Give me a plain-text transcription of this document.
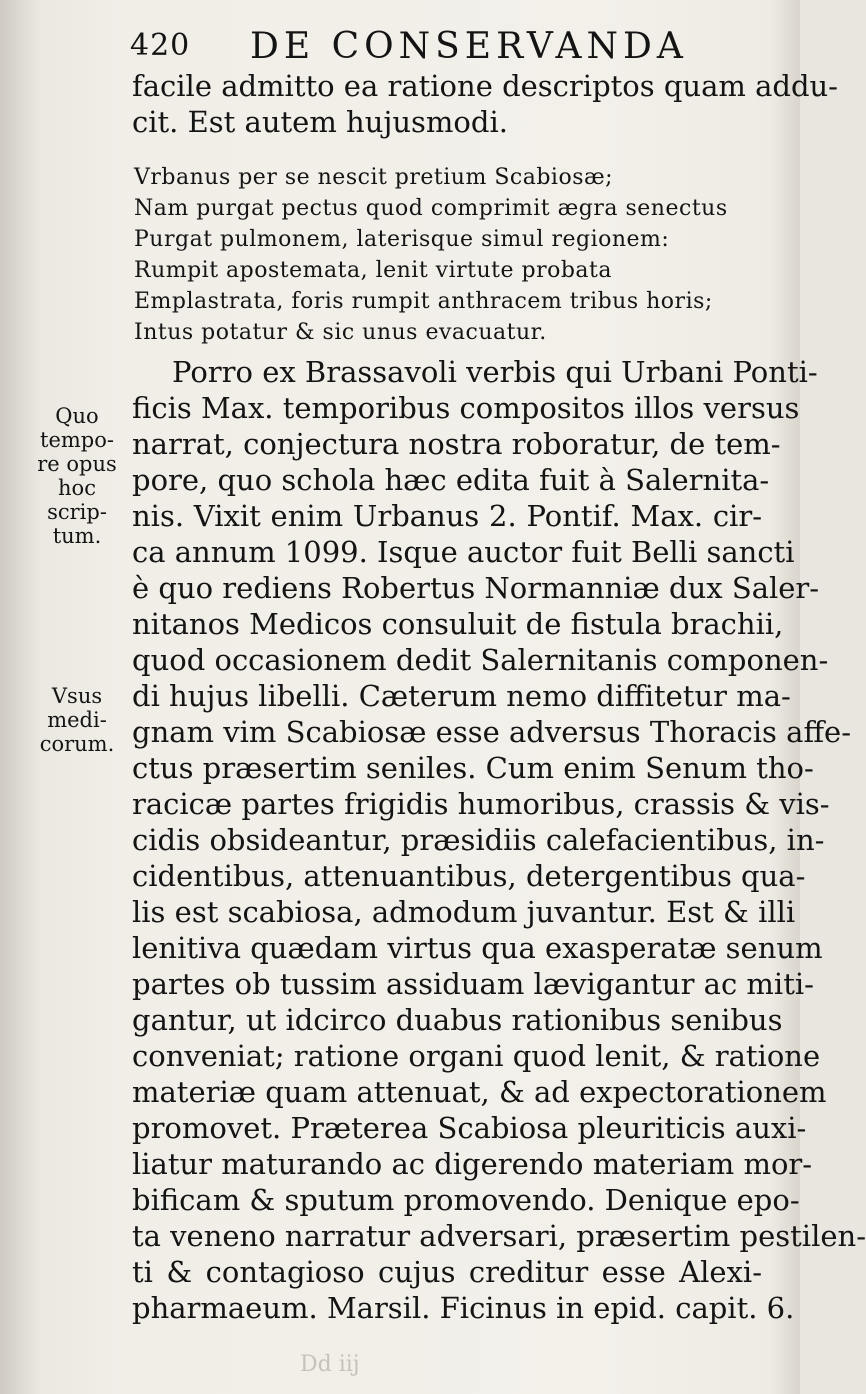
420 DE CONSERVANDA
facile admitto ea ratione descriptos quam addu-
cit. Est autem hujusmodi.
Vrbanus per se nescit pretium Scabiosæ;
Nam purgat pectus quod comprimit ægra senectus
Purgat pulmonem, laterisque simul regionem:
Rumpit apostemata, lenit virtute probata
Emplastrata, foris rumpit anthracem tribus horis;
Intus potatur & sic unus evacuatur.
Porro ex Brassavoli verbis qui Urbani Ponti-
ficis Max. temporibus compositos illos versus
narrat, conjectura nostra roboratur, de tem-
pore, quo schola hæc edita fuit à Salernita-
nis. Vixit enim Urbanus 2. Pontif. Max. cir-
ca annum 1099. Isque auctor fuit Belli sancti
è quo rediens Robertus Normanniæ dux Saler-
nitanos Medicos consuluit de fistula brachii,
quod occasionem dedit Salernitanis componen-
di hujus libelli. Cæterum nemo diffitetur ma-
gnam vim Scabiosæ esse adversus Thoracis affe-
ctus præsertim seniles. Cum enim Senum tho-
racicæ partes frigidis humoribus, crassis & vis-
cidis obsideantur, præsidiis calefacientibus, in-
cidentibus, attenuantibus, detergentibus qua-
lis est scabiosa, admodum juvantur. Est & illi
lenitiva quædam virtus qua exasperatæ senum
partes ob tussim assiduam lævigantur ac miti-
gantur, ut idcirco duabus rationibus senibus
conveniat; ratione organi quod lenit, & ratione
materiæ quam attenuat, & ad expectorationem
promovet. Præterea Scabiosa pleuriticis auxi-
liatur maturando ac digerendo materiam mor-
bificam & sputum promovendo. Denique epo-
ta veneno narratur adversari, præsertim pestilen-
ti & contagioso cujus creditur esse Alexi-
pharmaeum. Marsil. Ficinus in epid. capit. 6.
Quo
tempo-
re opus
hoc
scrip-
tum.
Vsus
medi-
corum.
Dd iij
